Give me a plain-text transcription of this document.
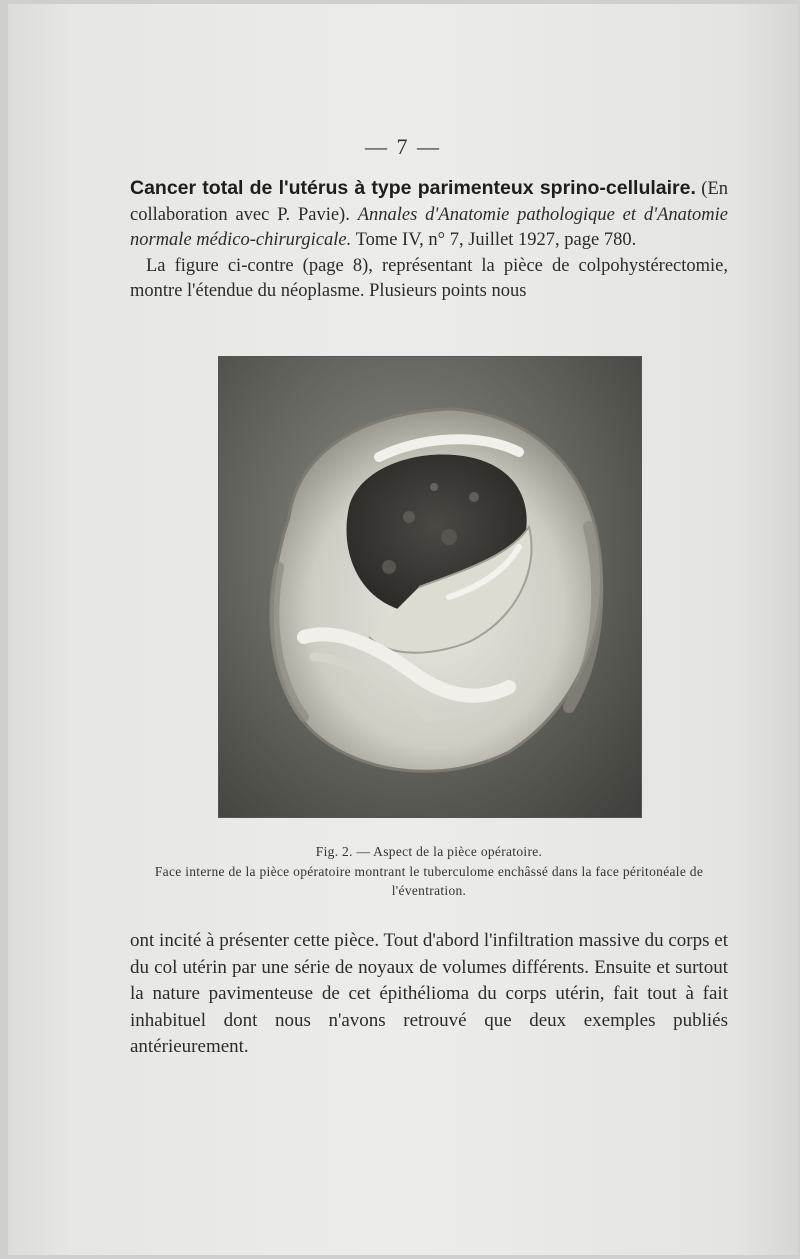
— 7 —
Cancer total de l'utérus à type parimenteux sprino-cellulaire. (En collaboration avec P. Pavie). Annales d'Anatomie pathologique et d'Anatomie normale médico-chirurgicale. Tome IV, n° 7, Juillet 1927, page 780.
La figure ci-contre (page 8), représentant la pièce de colpohystérectomie, montre l'étendue du néoplasme. Plusieurs points nous
Fig. 2. — Aspect de la pièce opératoire.
Face interne de la pièce opératoire montrant le tuberculome enchâssé dans la face péritonéale de l'éventration.
ont incité à présenter cette pièce. Tout d'abord l'infiltration massive du corps et du col utérin par une série de noyaux de volumes différents. Ensuite et surtout la nature pavimenteuse de cet épithélioma du corps utérin, fait tout à fait inhabituel dont nous n'avons retrouvé que deux exemples publiés antérieurement.
